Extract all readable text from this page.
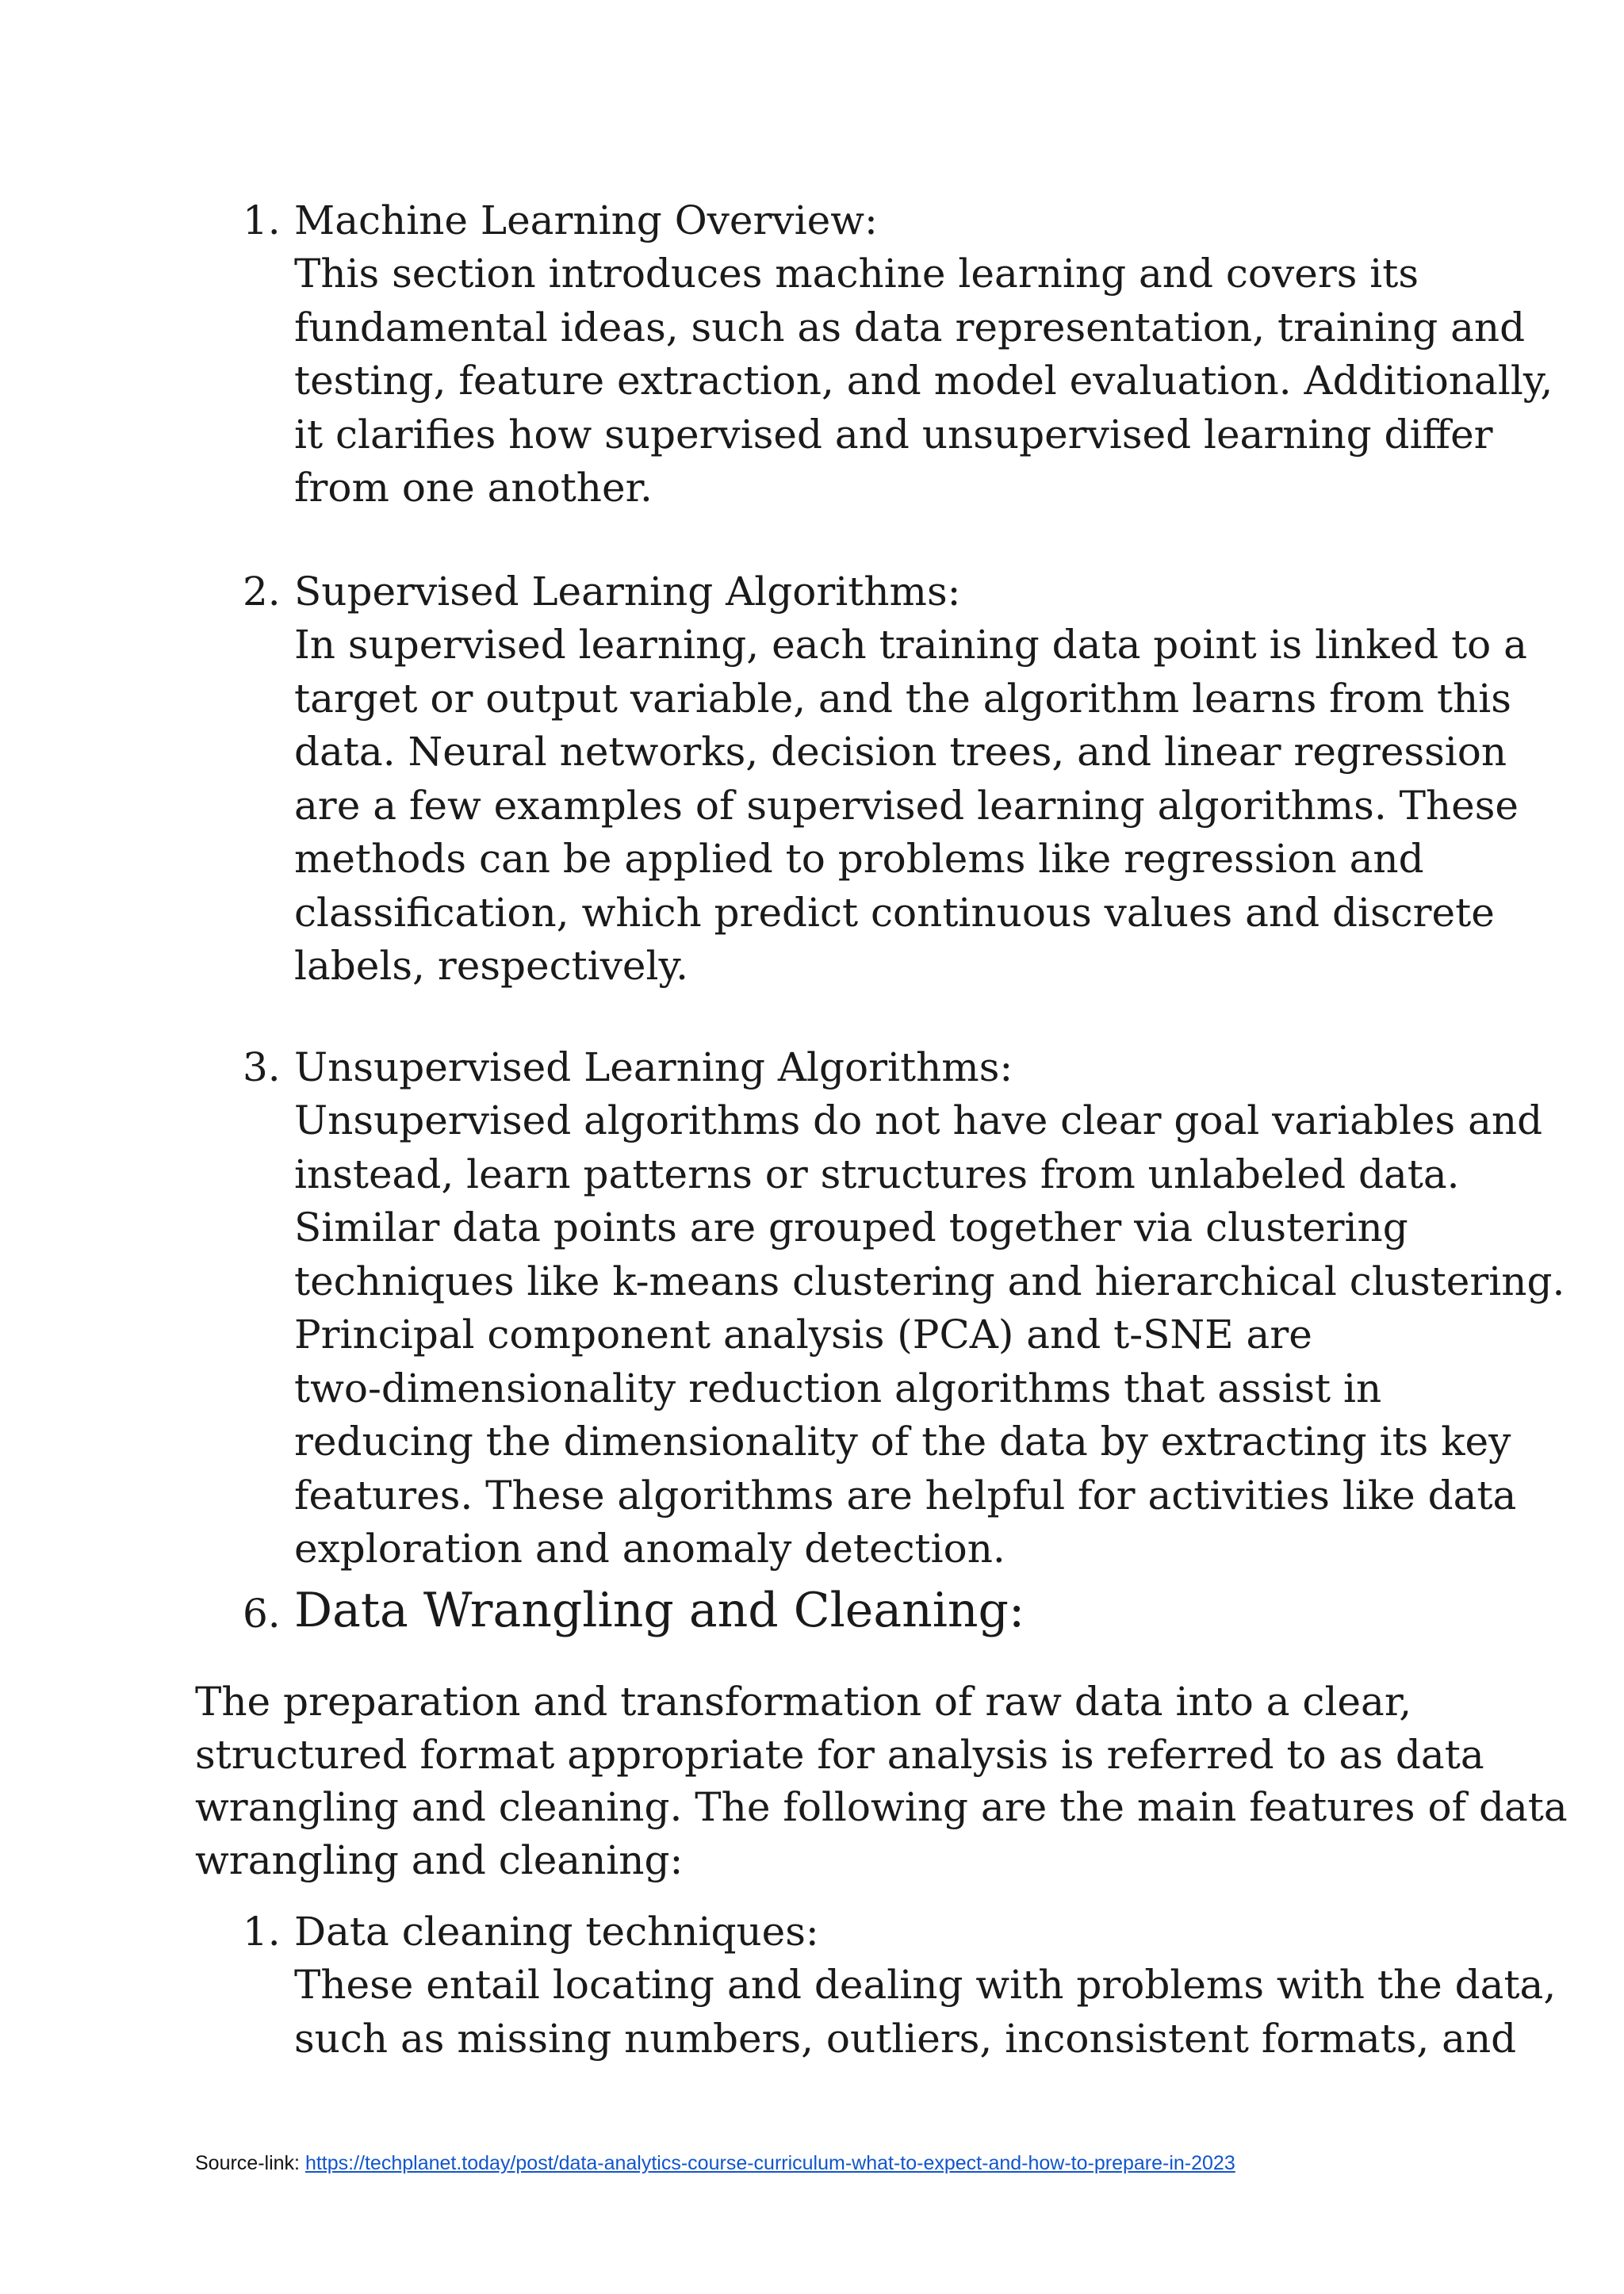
1. Machine Learning Overview:
This section introduces machine learning and covers its
fundamental ideas, such as data representation, training and
testing, feature extraction, and model evaluation. Additionally,
it clarifies how supervised and unsupervised learning differ
from one another.
2. Supervised Learning Algorithms:
In supervised learning, each training data point is linked to a
target or output variable, and the algorithm learns from this
data. Neural networks, decision trees, and linear regression
are a few examples of supervised learning algorithms. These
methods can be applied to problems like regression and
classification, which predict continuous values and discrete
labels, respectively.
3. Unsupervised Learning Algorithms:
Unsupervised algorithms do not have clear goal variables and
instead, learn patterns or structures from unlabeled data.
Similar data points are grouped together via clustering
techniques like k-means clustering and hierarchical clustering.
Principal component analysis (PCA) and t-SNE are
two-dimensionality reduction algorithms that assist in
reducing the dimensionality of the data by extracting its key
features. These algorithms are helpful for activities like data
exploration and anomaly detection.
6. Data Wrangling and Cleaning:
The preparation and transformation of raw data into a clear,
structured format appropriate for analysis is referred to as data
wrangling and cleaning. The following are the main features of data
wrangling and cleaning:
1. Data cleaning techniques:
These entail locating and dealing with problems with the data,
such as missing numbers, outliers, inconsistent formats, and
Source-link: https://techplanet.today/post/data-analytics-course-curriculum-what-to-expect-and-how-to-prepare-in-2023
